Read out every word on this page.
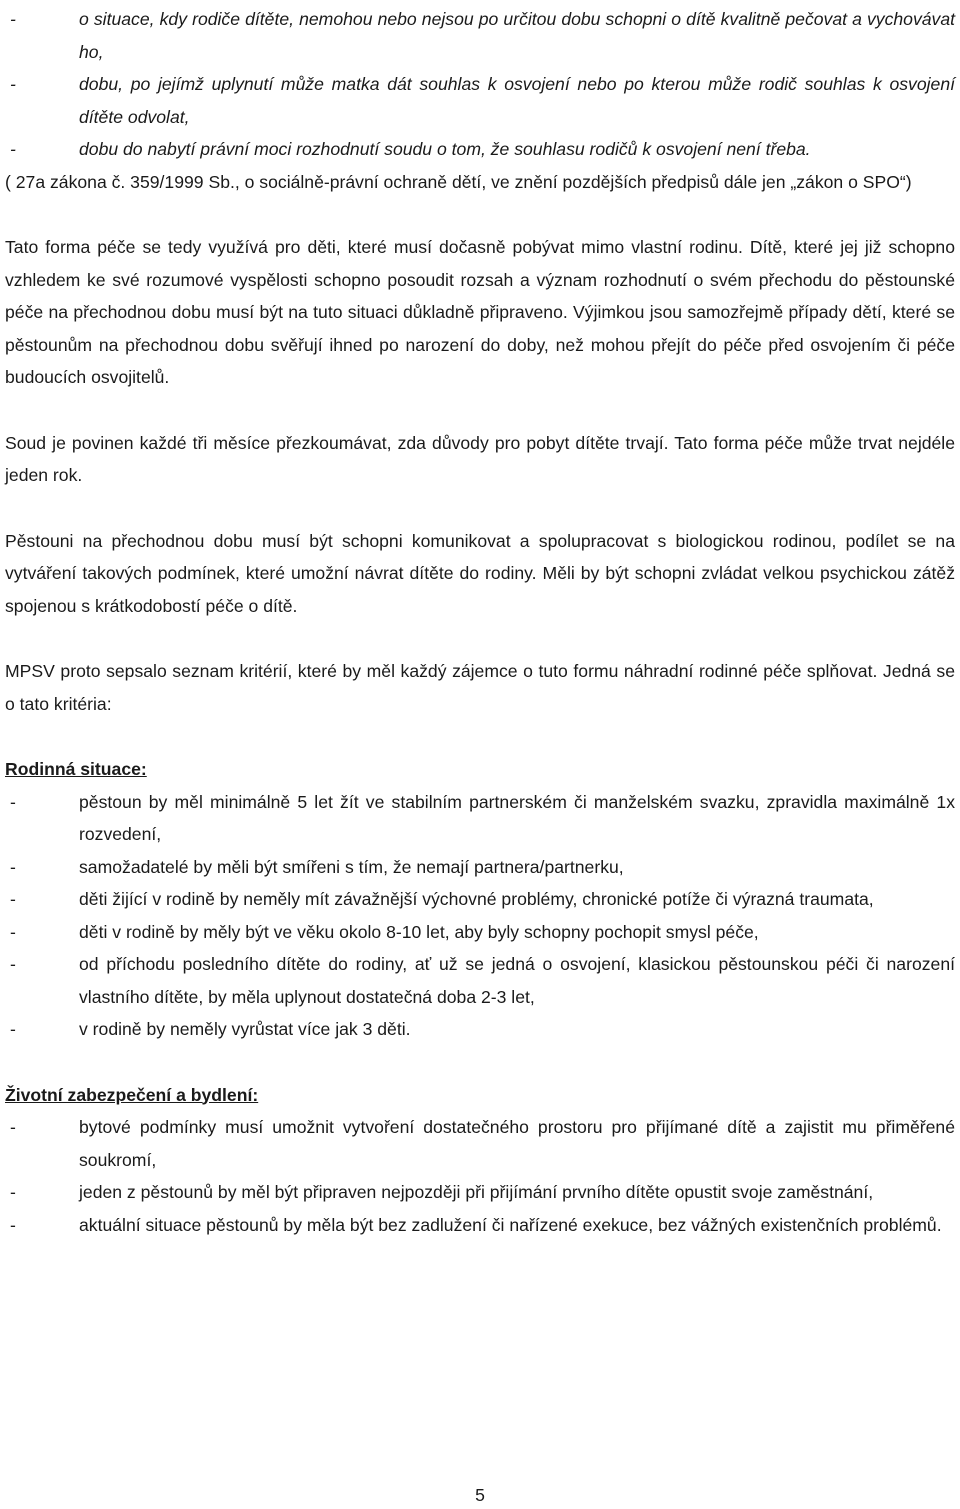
-	o situace, kdy rodiče dítěte, nemohou nebo nejsou po určitou dobu schopni o dítě kvalitně pečovat a vychovávat ho,
-	dobu, po jejímž uplynutí může matka dát souhlas k osvojení nebo po kterou může rodič souhlas k osvojení dítěte odvolat,
-	dobu do nabytí právní moci rozhodnutí soudu o tom, že souhlasu rodičů k osvojení není třeba.

( 27a zákona č. 359/1999 Sb., o sociálně-právní ochraně dětí, ve znění pozdějších předpisů dále jen „zákon o SPO“)

Tato forma péče se tedy využívá pro děti, které musí dočasně pobývat mimo vlastní rodinu. Dítě, které jej již schopno vzhledem ke své rozumové vyspělosti schopno posoudit rozsah a význam rozhodnutí o svém přechodu do pěstounské péče na přechodnou dobu musí být na tuto situaci důkladně připraveno. Výjimkou jsou samozřejmě případy dětí, které se pěstounům na přechodnou dobu svěřují ihned po narození do doby, než mohou přejít do péče před osvojením či péče budoucích osvojitelů.

Soud je povinen každé tři měsíce přezkoumávat, zda důvody pro pobyt dítěte trvají. Tato forma péče může trvat nejdéle jeden rok.

Pěstouni na přechodnou dobu musí být schopni komunikovat a spolupracovat s biologickou rodinou, podílet se na vytváření takových podmínek, které umožní návrat dítěte do rodiny. Měli by být schopni zvládat velkou psychickou zátěž spojenou s krátkodobostí péče o dítě.

MPSV proto sepsalo seznam kritérií, které by měl každý zájemce o tuto formu náhradní rodinné péče splňovat. Jedná se o tato kritéria:

Rodinná situace:

-	pěstoun by měl minimálně 5 let žít ve stabilním partnerském či manželském svazku, zpravidla maximálně 1x rozvedení,
-	samožadatelé by měli být smířeni s tím, že nemají partnera/partnerku,
-	děti žijící v rodině by neměly mít závažnější výchovné problémy, chronické potíže či výrazná traumata,
-	děti v rodině by měly být ve věku okolo 8-10 let, aby byly schopny pochopit smysl péče,
-	od příchodu posledního dítěte do rodiny, ať už se jedná o osvojení, klasickou pěstounskou péči či narození vlastního dítěte, by měla uplynout dostatečná doba 2-3 let,
-	v rodině by neměly vyrůstat více jak 3 děti.

Životní zabezpečení a bydlení:

-	bytové podmínky musí umožnit vytvoření dostatečného prostoru pro přijímané dítě a zajistit mu přiměřené soukromí,
-	jeden z pěstounů by měl být připraven nejpozději při přijímání prvního dítěte opustit svoje zaměstnání,
-	aktuální situace pěstounů by měla být bez zadlužení či nařízené exekuce, bez vážných existenčních problémů.
5
